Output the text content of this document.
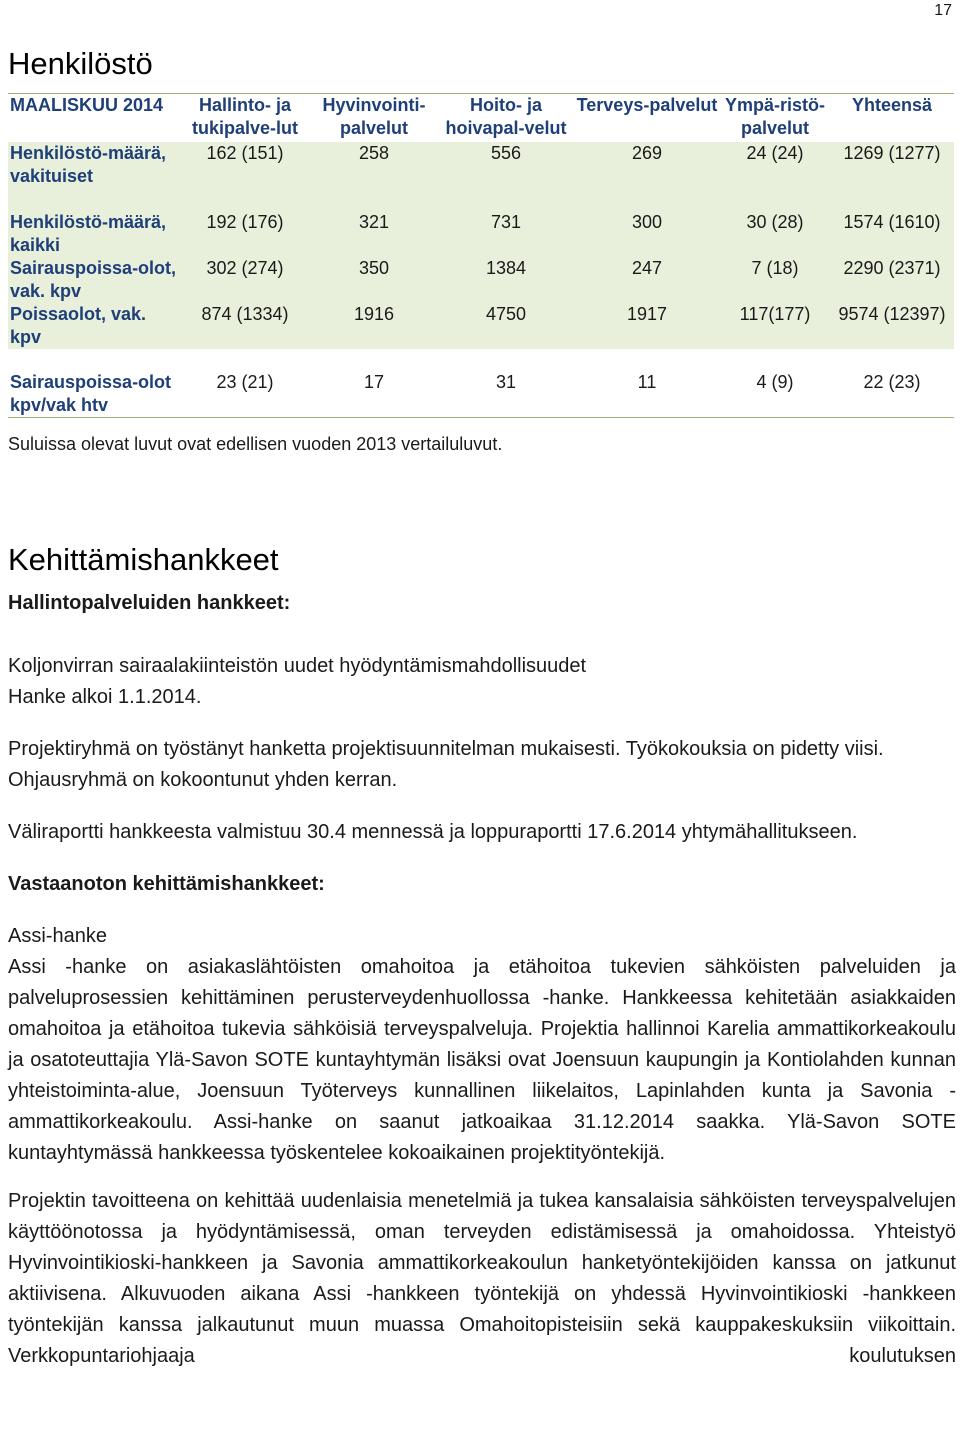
17
Henkilöstö
MAALISKUU 2014	Hallinto- ja tukipalve-lut	Hyvinvointi-palvelut	Hoito- ja hoivapal-velut	Terveys-palvelut	Ympä-ristö-palvelut	Yhteensä
Henkilöstö-määrä, vakituiset	162 (151)	258	556	269	24 (24)	1269 (1277)
Henkilöstö-määrä, kaikki	192 (176)	321	731	300	30 (28)	1574 (1610)
Sairauspoissa-olot, vak. kpv	302 (274)	350	1384	247	7 (18)	2290 (2371)
Poissaolot, vak. kpv	874 (1334)	1916	4750	1917	117(177)	9574 (12397)

Sairauspoissa-olot kpv/vak htv	23 (21)	17	31	11	4 (9)	22 (23)
Suluissa olevat luvut ovat edellisen vuoden 2013 vertailuluvut.
Kehittämishankkeet

Hallintopalveluiden hankkeet:

Koljonvirran sairaalakiinteistön uudet hyödyntämismahdollisuudet

Hanke alkoi 1.1.2014.

Projektiryhmä on työstänyt hanketta projektisuunnitelman mukaisesti. Työkokouksia on pidetty viisi. Ohjausryhmä on kokoontunut yhden kerran.

Väliraportti hankkeesta valmistuu 30.4 mennessä ja loppuraportti 17.6.2014 yhtymähallitukseen.

Vastaanoton kehittämishankkeet:

Assi-hanke

Assi -hanke on asiakaslähtöisten omahoitoa ja etähoitoa tukevien sähköisten palveluiden ja palveluprosessien kehittäminen perusterveydenhuollossa -hanke. Hankkeessa kehitetään asiakkaiden omahoitoa ja etähoitoa tukevia sähköisiä terveyspalveluja. Projektia hallinnoi Karelia ammattikorkeakoulu ja osatoteuttajia Ylä-Savon SOTE kuntayhtymän lisäksi ovat Joensuun kaupungin ja Kontiolahden kunnan yhteistoiminta-alue, Joensuun Työterveys kunnallinen liikelaitos, Lapinlahden kunta ja Savonia -ammattikorkeakoulu. Assi-hanke on saanut jatkoaikaa 31.12.2014 saakka. Ylä-Savon SOTE kuntayhtymässä hankkeessa työskentelee kokoaikainen projektityöntekijä.

Projektin tavoitteena on kehittää uudenlaisia menetelmiä ja tukea kansalaisia sähköisten terveyspalvelujen käyttöönotossa ja hyödyntämisessä, oman terveyden edistämisessä ja omahoidossa. Yhteistyö Hyvinvointikioski-hankkeen ja Savonia ammattikorkeakoulun hanketyöntekijöiden kanssa on jatkunut aktiivisena. Alkuvuoden aikana Assi -hankkeen työntekijä on yhdessä Hyvinvointikioski -hankkeen työntekijän kanssa jalkautunut muun muassa Omahoitopisteisiin sekä kauppakeskuksiin viikoittain. Verkkopuntariohjaaja koulutuksen
